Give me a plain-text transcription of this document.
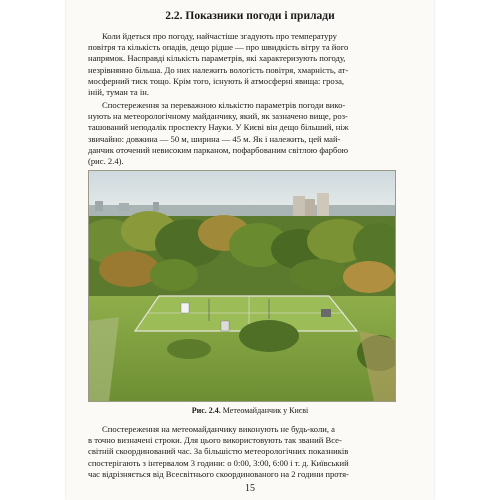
2.2. Показники погоди і прилади
Коли йдеться про погоду, найчастіше згадують про температуру
повітря та кількість опадів, дещо рідше — про швидкість вітру та його
напрямок. Насправді кількість параметрів, які характеризують погоду,
незрівнянно більша. До них належить вологість повітря, хмарність, ат-
мосферний тиск тощо. Крім того, існують й атмосферні явища: гроза,
іній, туман та ін.
Спостереження за переважною кількістю параметрів погоди вико-
нують на метеорологічному майданчику, який, як зазначено вище, роз-
ташований неподалік проспекту Науки. У Києві він дещо більший, ніж
звичайно: довжина — 50 м, ширина — 45 м. Як і належить, цей май-
данчик оточений невисоким парканом, пофарбованим світлою фарбою
(рис. 2.4).
Рис. 2.4. Метеомайданчик у Києві
Спостереження на метеомайданчику виконують не будь-коли, а
в точно визначені строки. Для цього використовують так званий Все-
світній скоординований час. За більшістю метеорологічних показників
спостерігають з інтервалом 3 години: о 0:00, 3:00, 6:00 і т. д. Київський
час відрізняється від Всесвітнього скоординованого на 2 години протя-
15
